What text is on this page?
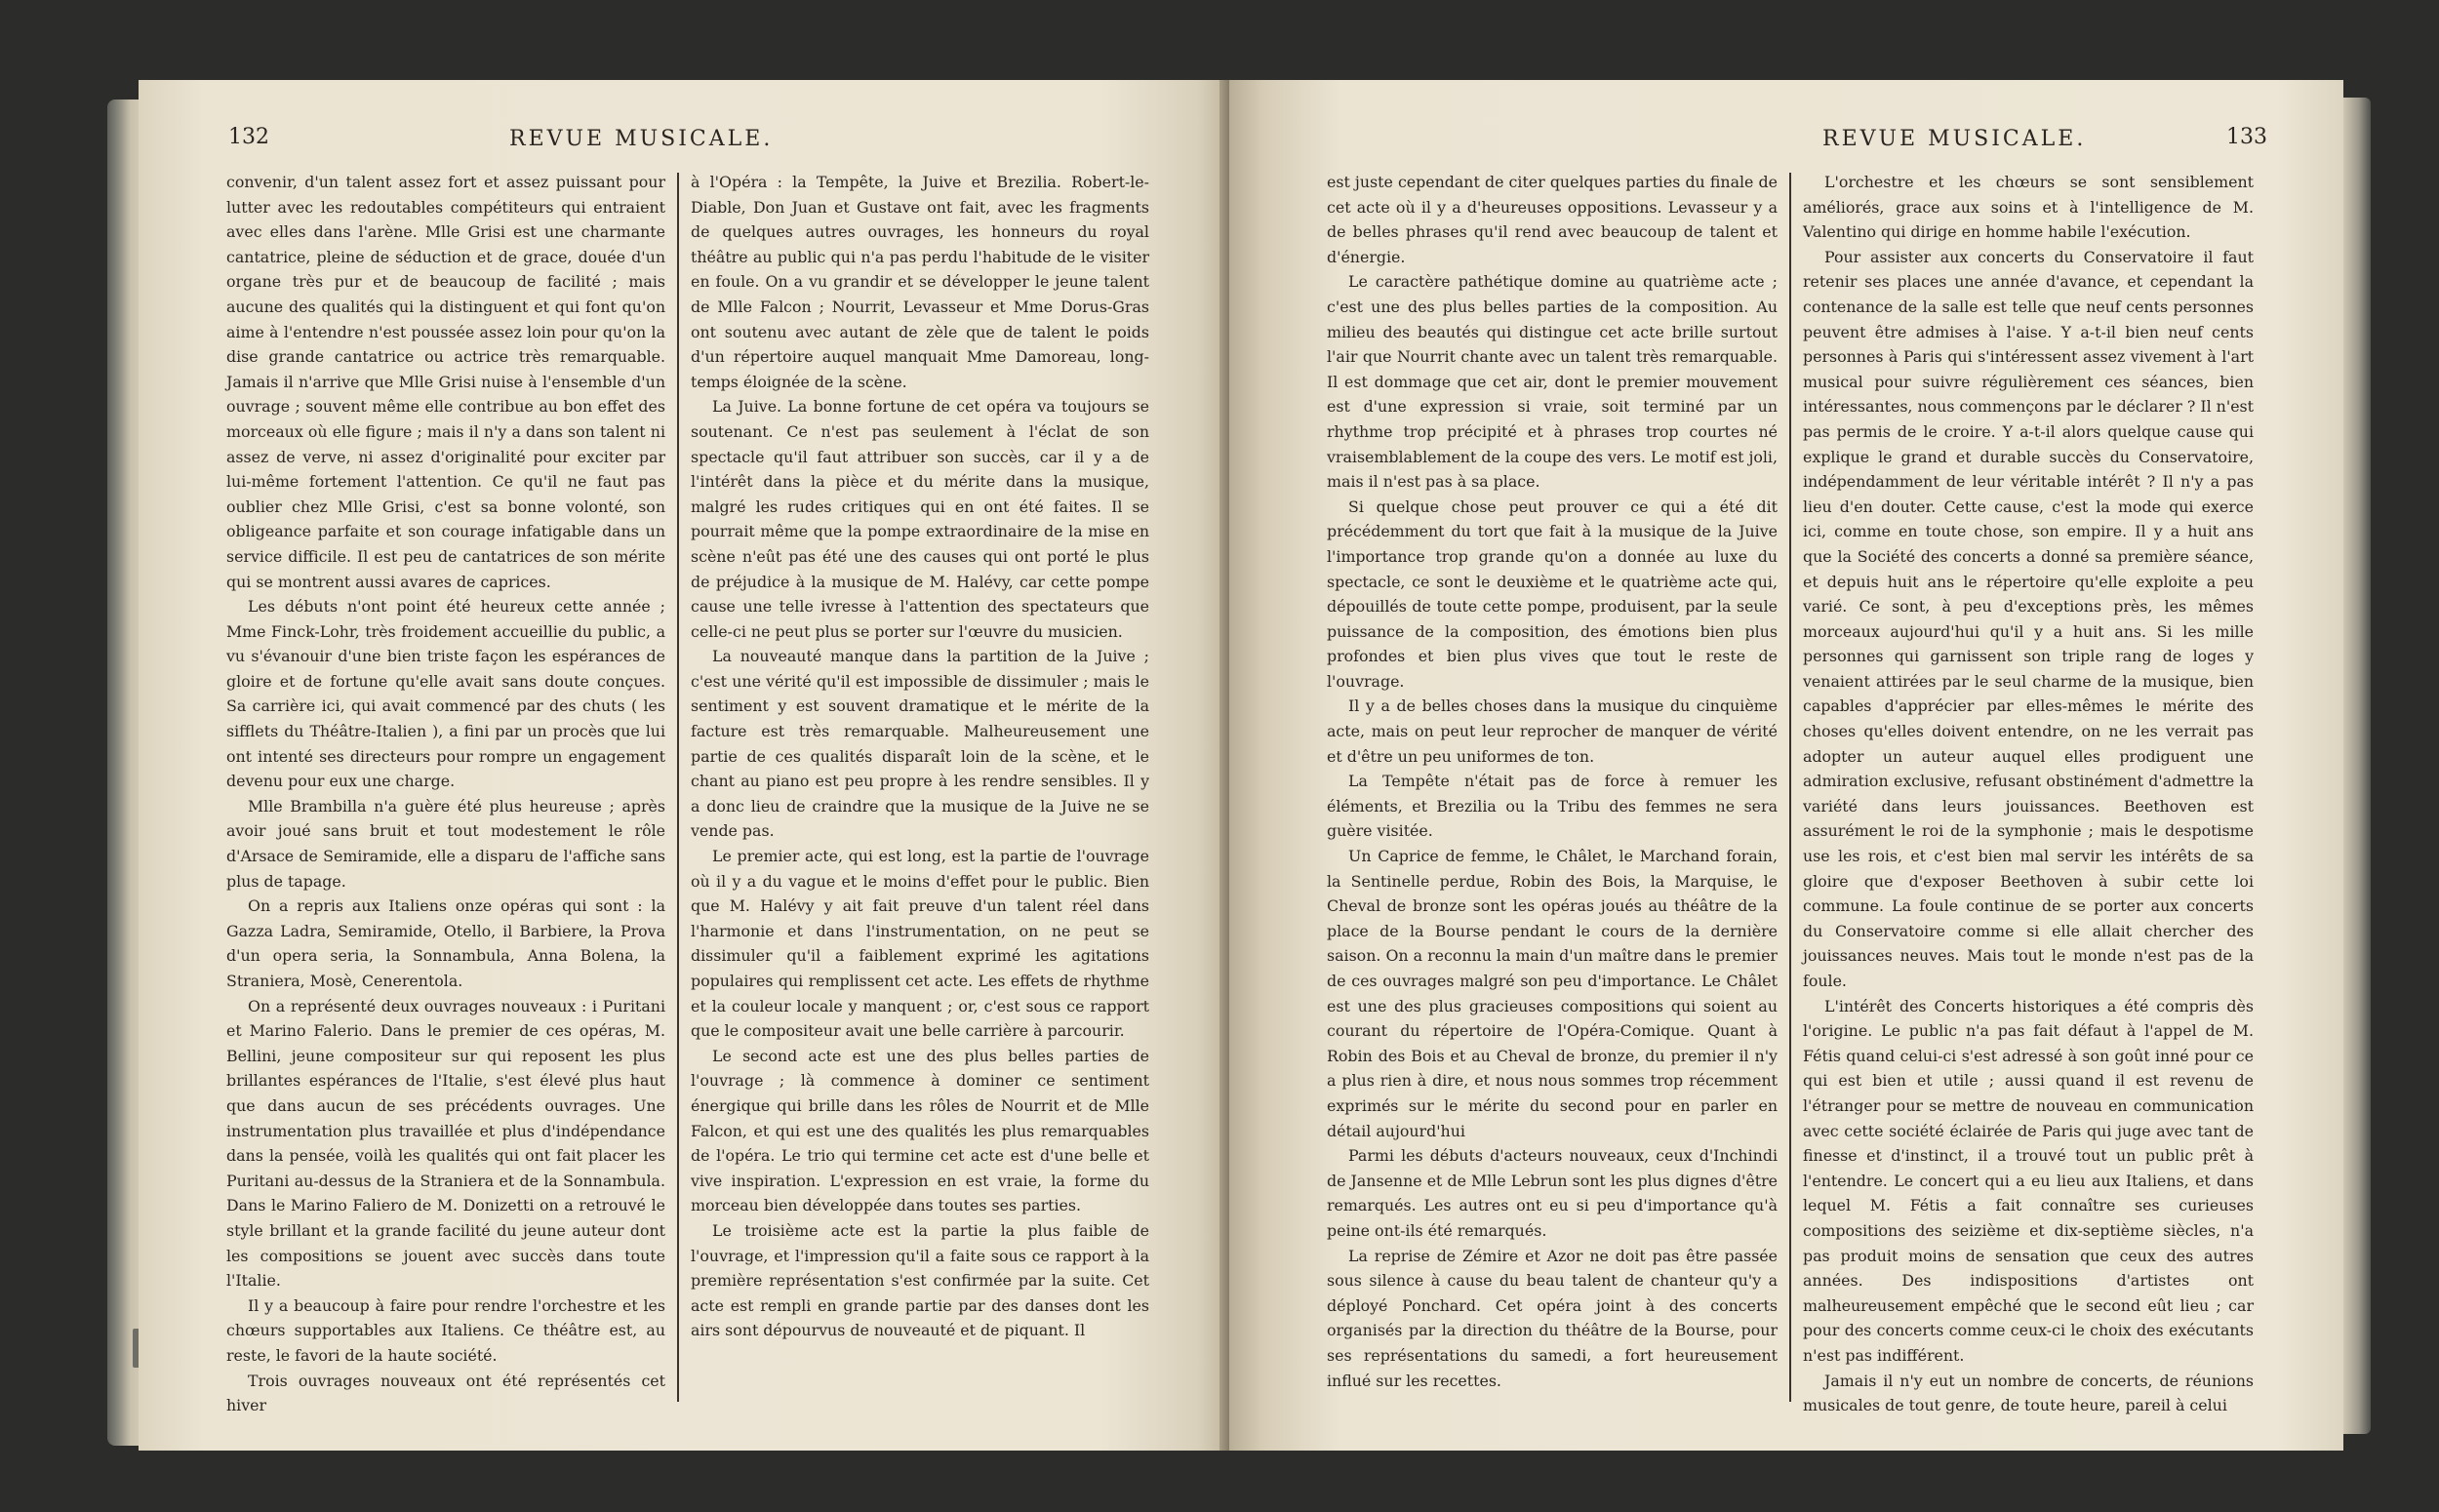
132	REVUE MUSICALE.

convenir, d'un talent assez fort et assez puissant pour lutter avec les redoutables compétiteurs qui entraient avec elles dans l'arène. Mlle Grisi est une charmante cantatrice, pleine de séduction et de grace, douée d'un organe très pur et de beaucoup de facilité ; mais aucune des qualités qui la distinguent et qui font qu'on aime à l'entendre n'est poussée assez loin pour qu'on la dise grande cantatrice ou actrice très remarquable. Jamais il n'arrive que Mlle Grisi nuise à l'ensemble d'un ouvrage ; souvent même elle contribue au bon effet des morceaux où elle figure ; mais il n'y a dans son talent ni assez de verve, ni assez d'originalité pour exciter par lui-même fortement l'attention. Ce qu'il ne faut pas oublier chez Mlle Grisi, c'est sa bonne volonté, son obligeance parfaite et son courage infatigable dans un service difficile. Il est peu de cantatrices de son mérite qui se montrent aussi avares de caprices.

Les débuts n'ont point été heureux cette année ; Mme Finck-Lohr, très froidement accueillie du public, a vu s'évanouir d'une bien triste façon les espérances de gloire et de fortune qu'elle avait sans doute conçues. Sa carrière ici, qui avait commencé par des chuts ( les sifflets du Théâtre-Italien ), a fini par un procès que lui ont intenté ses directeurs pour rompre un engagement devenu pour eux une charge.

Mlle Brambilla n'a guère été plus heureuse ; après avoir joué sans bruit et tout modestement le rôle d'Arsace de Semiramide, elle a disparu de l'affiche sans plus de tapage.

On a repris aux Italiens onze opéras qui sont : la Gazza Ladra, Semiramide, Otello, il Barbiere, la Prova d'un opera seria, la Sonnambula, Anna Bolena, la Straniera, Mosè, Cenerentola.

On a représenté deux ouvrages nouveaux : i Puritani et Marino Falerio. Dans le premier de ces opéras, M. Bellini, jeune compositeur sur qui reposent les plus brillantes espérances de l'Italie, s'est élevé plus haut que dans aucun de ses précédents ouvrages. Une instrumentation plus travaillée et plus d'indépendance dans la pensée, voilà les qualités qui ont fait placer les Puritani au-dessus de la Straniera et de la Sonnambula. Dans le Marino Faliero de M. Donizetti on a retrouvé le style brillant et la grande facilité du jeune auteur dont les compositions se jouent avec succès dans toute l'Italie.

Il y a beaucoup à faire pour rendre l'orchestre et les chœurs supportables aux Italiens. Ce théâtre est, au reste, le favori de la haute société.

Trois ouvrages nouveaux ont été représentés cet hiver

à l'Opéra : la Tempête, la Juive et Brezilia. Robert-le-Diable, Don Juan et Gustave ont fait, avec les fragments de quelques autres ouvrages, les honneurs du royal théâtre au public qui n'a pas perdu l'habitude de le visiter en foule. On a vu grandir et se développer le jeune talent de Mlle Falcon ; Nourrit, Levasseur et Mme Dorus-Gras ont soutenu avec autant de zèle que de talent le poids d'un répertoire auquel manquait Mme Damoreau, long-temps éloignée de la scène.

La Juive. La bonne fortune de cet opéra va toujours se soutenant. Ce n'est pas seulement à l'éclat de son spectacle qu'il faut attribuer son succès, car il y a de l'intérêt dans la pièce et du mérite dans la musique, malgré les rudes critiques qui en ont été faites. Il se pourrait même que la pompe extraordinaire de la mise en scène n'eût pas été une des causes qui ont porté le plus de préjudice à la musique de M. Halévy, car cette pompe cause une telle ivresse à l'attention des spectateurs que celle-ci ne peut plus se porter sur l'œuvre du musicien.

La nouveauté manque dans la partition de la Juive ; c'est une vérité qu'il est impossible de dissimuler ; mais le sentiment y est souvent dramatique et le mérite de la facture est très remarquable. Malheureusement une partie de ces qualités disparaît loin de la scène, et le chant au piano est peu propre à les rendre sensibles. Il y a donc lieu de craindre que la musique de la Juive ne se vende pas.

Le premier acte, qui est long, est la partie de l'ouvrage où il y a du vague et le moins d'effet pour le public. Bien que M. Halévy y ait fait preuve d'un talent réel dans l'harmonie et dans l'instrumentation, on ne peut se dissimuler qu'il a faiblement exprimé les agitations populaires qui remplissent cet acte. Les effets de rhythme et la couleur locale y manquent ; or, c'est sous ce rapport que le compositeur avait une belle carrière à parcourir.

Le second acte est une des plus belles parties de l'ouvrage ; là commence à dominer ce sentiment énergique qui brille dans les rôles de Nourrit et de Mlle Falcon, et qui est une des qualités les plus remarquables de l'opéra. Le trio qui termine cet acte est d'une belle et vive inspiration. L'expression en est vraie, la forme du morceau bien développée dans toutes ses parties.

Le troisième acte est la partie la plus faible de l'ouvrage, et l'impression qu'il a faite sous ce rapport à la première représentation s'est confirmée par la suite. Cet acte est rempli en grande partie par des danses dont les airs sont dépourvus de nouveauté et de piquant. Il

REVUE MUSICALE.	133

est juste cependant de citer quelques parties du finale de cet acte où il y a d'heureuses oppositions. Levasseur y a de belles phrases qu'il rend avec beaucoup de talent et d'énergie.

Le caractère pathétique domine au quatrième acte ; c'est une des plus belles parties de la composition. Au milieu des beautés qui distingue cet acte brille surtout l'air que Nourrit chante avec un talent très remarquable. Il est dommage que cet air, dont le premier mouvement est d'une expression si vraie, soit terminé par un rhythme trop précipité et à phrases trop courtes né vraisemblablement de la coupe des vers. Le motif est joli, mais il n'est pas à sa place.

Si quelque chose peut prouver ce qui a été dit précédemment du tort que fait à la musique de la Juive l'importance trop grande qu'on a donnée au luxe du spectacle, ce sont le deuxième et le quatrième acte qui, dépouillés de toute cette pompe, produisent, par la seule puissance de la composition, des émotions bien plus profondes et bien plus vives que tout le reste de l'ouvrage.

Il y a de belles choses dans la musique du cinquième acte, mais on peut leur reprocher de manquer de vérité et d'être un peu uniformes de ton.

La Tempête n'était pas de force à remuer les éléments, et Brezilia ou la Tribu des femmes ne sera guère visitée.

Un Caprice de femme, le Châlet, le Marchand forain, la Sentinelle perdue, Robin des Bois, la Marquise, le Cheval de bronze sont les opéras joués au théâtre de la place de la Bourse pendant le cours de la dernière saison. On a reconnu la main d'un maître dans le premier de ces ouvrages malgré son peu d'importance. Le Châlet est une des plus gracieuses compositions qui soient au courant du répertoire de l'Opéra-Comique. Quant à Robin des Bois et au Cheval de bronze, du premier il n'y a plus rien à dire, et nous nous sommes trop récemment exprimés sur le mérite du second pour en parler en détail aujourd'hui

Parmi les débuts d'acteurs nouveaux, ceux d'Inchindi de Jansenne et de Mlle Lebrun sont les plus dignes d'être remarqués. Les autres ont eu si peu d'importance qu'à peine ont-ils été remarqués.

La reprise de Zémire et Azor ne doit pas être passée sous silence à cause du beau talent de chanteur qu'y a déployé Ponchard. Cet opéra joint à des concerts organisés par la direction du théâtre de la Bourse, pour ses représentations du samedi, a fort heureusement influé sur les recettes.

L'orchestre et les chœurs se sont sensiblement améliorés, grace aux soins et à l'intelligence de M. Valentino qui dirige en homme habile l'exécution.

Pour assister aux concerts du Conservatoire il faut retenir ses places une année d'avance, et cependant la contenance de la salle est telle que neuf cents personnes peuvent être admises à l'aise. Y a-t-il bien neuf cents personnes à Paris qui s'intéressent assez vivement à l'art musical pour suivre régulièrement ces séances, bien intéressantes, nous commençons par le déclarer ? Il n'est pas permis de le croire. Y a-t-il alors quelque cause qui explique le grand et durable succès du Conservatoire, indépendamment de leur véritable intérêt ? Il n'y a pas lieu d'en douter. Cette cause, c'est la mode qui exerce ici, comme en toute chose, son empire. Il y a huit ans que la Société des concerts a donné sa première séance, et depuis huit ans le répertoire qu'elle exploite a peu varié. Ce sont, à peu d'exceptions près, les mêmes morceaux aujourd'hui qu'il y a huit ans. Si les mille personnes qui garnissent son triple rang de loges y venaient attirées par le seul charme de la musique, bien capables d'apprécier par elles-mêmes le mérite des choses qu'elles doivent entendre, on ne les verrait pas adopter un auteur auquel elles prodiguent une admiration exclusive, refusant obstinément d'admettre la variété dans leurs jouissances. Beethoven est assurément le roi de la symphonie ; mais le despotisme use les rois, et c'est bien mal servir les intérêts de sa gloire que d'exposer Beethoven à subir cette loi commune. La foule continue de se porter aux concerts du Conservatoire comme si elle allait chercher des jouissances neuves. Mais tout le monde n'est pas de la foule.

L'intérêt des Concerts historiques a été compris dès l'origine. Le public n'a pas fait défaut à l'appel de M. Fétis quand celui-ci s'est adressé à son goût inné pour ce qui est bien et utile ; aussi quand il est revenu de l'étranger pour se mettre de nouveau en communication avec cette société éclairée de Paris qui juge avec tant de finesse et d'instinct, il a trouvé tout un public prêt à l'entendre. Le concert qui a eu lieu aux Italiens, et dans lequel M. Fétis a fait connaître ses curieuses compositions des seizième et dix-septième siècles, n'a pas produit moins de sensation que ceux des autres années. Des indispositions d'artistes ont malheureusement empêché que le second eût lieu ; car pour des concerts comme ceux-ci le choix des exécutants n'est pas indifférent.

Jamais il n'y eut un nombre de concerts, de réunions musicales de tout genre, de toute heure, pareil à celui
